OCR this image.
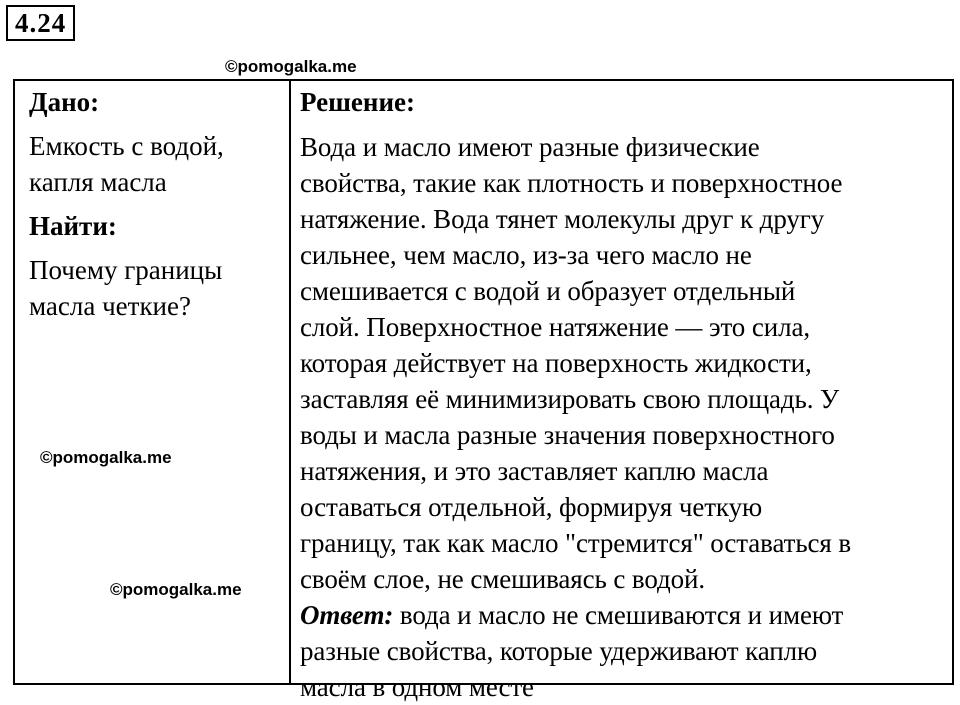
4.24
©pomogalka.me
Дано:
Емкость с водой,
капля масла
Найти:
Почему границы
масла четкие?
Решение:
Вода и масло имеют разные физические
свойства, такие как плотность и поверхностное
натяжение. Вода тянет молекулы друг к другу
сильнее, чем масло, из-за чего масло не
смешивается с водой и образует отдельный
слой. Поверхностное натяжение — это сила,
которая действует на поверхность жидкости,
заставляя её минимизировать свою площадь. У
воды и масла разные значения поверхностного
натяжения, и это заставляет каплю масла
оставаться отдельной, формируя четкую
границу, так как масло "стремится" оставаться в
своём слое, не смешиваясь с водой.
Ответ: вода и масло не смешиваются и имеют
разные свойства, которые удерживают каплю
масла в одном месте
©pomogalka.me
©pomogalka.me
